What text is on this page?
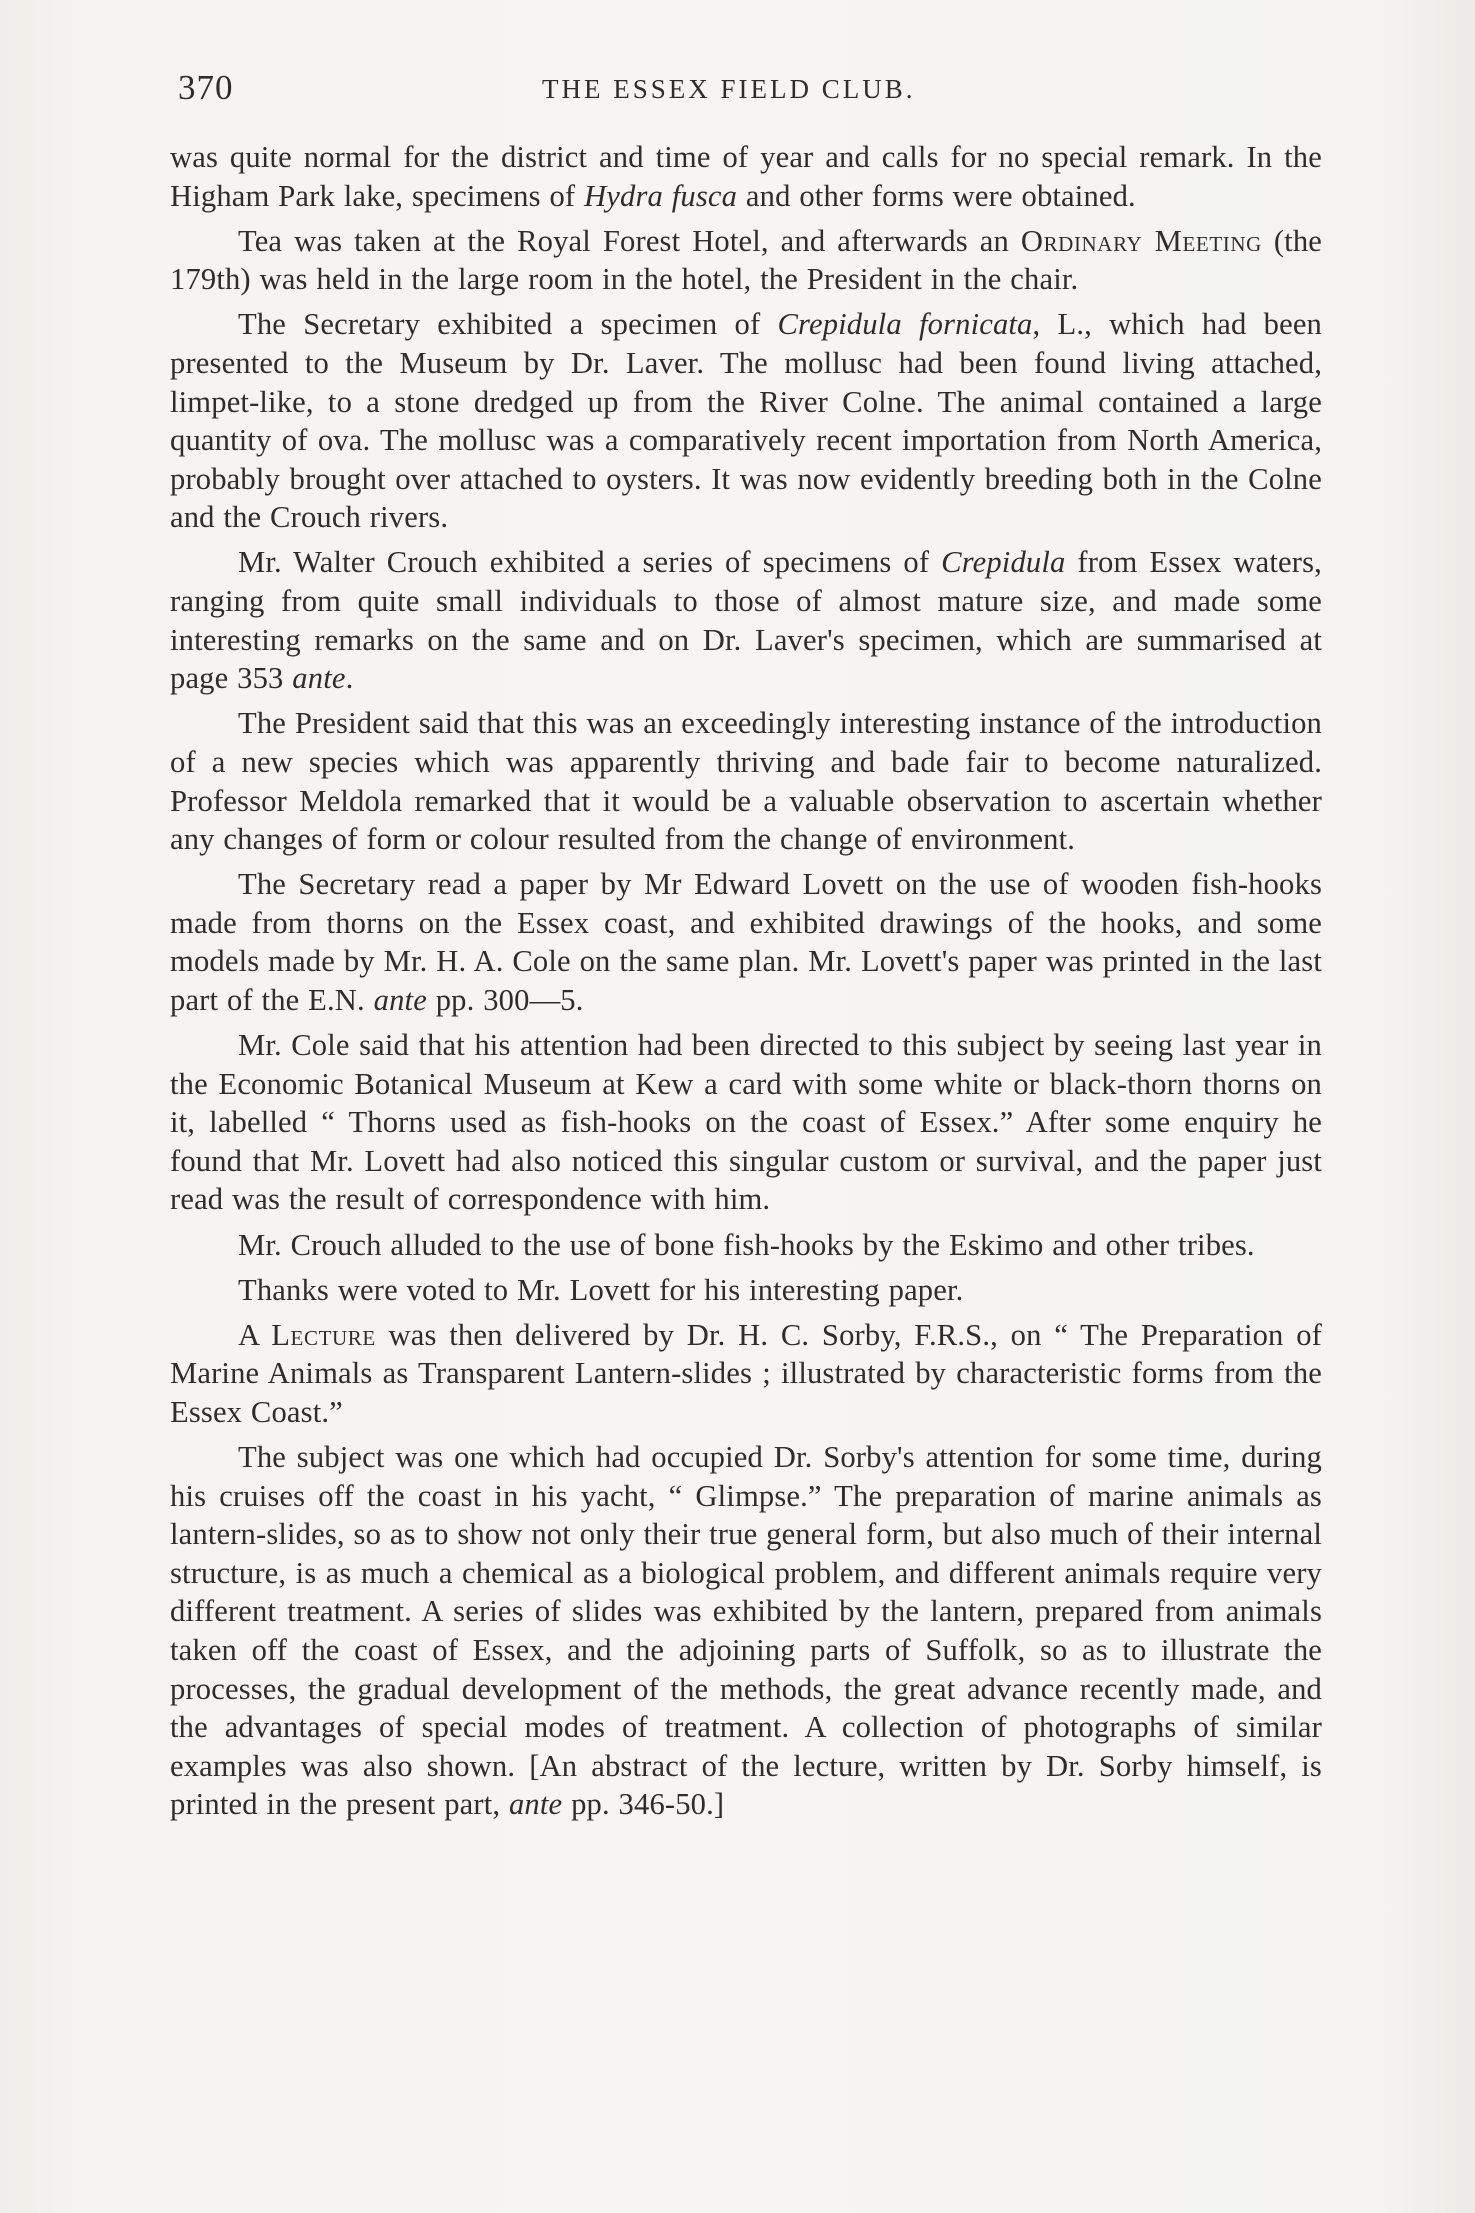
370	THE ESSEX FIELD CLUB.

was quite normal for the district and time of year and calls for no special remark. In the Higham Park lake, specimens of Hydra fusca and other forms were obtained.

Tea was taken at the Royal Forest Hotel, and afterwards an Ordinary Meeting (the 179th) was held in the large room in the hotel, the President in the chair.

The Secretary exhibited a specimen of Crepidula fornicata, L., which had been presented to the Museum by Dr. Laver. The mollusc had been found living attached, limpet-like, to a stone dredged up from the River Colne. The animal contained a large quantity of ova. The mollusc was a comparatively recent importation from North America, probably brought over attached to oysters. It was now evidently breeding both in the Colne and the Crouch rivers.

Mr. Walter Crouch exhibited a series of specimens of Crepidula from Essex waters, ranging from quite small individuals to those of almost mature size, and made some interesting remarks on the same and on Dr. Laver's specimen, which are summarised at page 353 ante.

The President said that this was an exceedingly interesting instance of the introduction of a new species which was apparently thriving and bade fair to become naturalized. Professor Meldola remarked that it would be a valuable observation to ascertain whether any changes of form or colour resulted from the change of environment.

The Secretary read a paper by Mr Edward Lovett on the use of wooden fish-hooks made from thorns on the Essex coast, and exhibited drawings of the hooks, and some models made by Mr. H. A. Cole on the same plan. Mr. Lovett's paper was printed in the last part of the E.N. ante pp. 300—5.

Mr. Cole said that his attention had been directed to this subject by seeing last year in the Economic Botanical Museum at Kew a card with some white or black-thorn thorns on it, labelled “ Thorns used as fish-hooks on the coast of Essex.” After some enquiry he found that Mr. Lovett had also noticed this singular custom or survival, and the paper just read was the result of correspondence with him.

Mr. Crouch alluded to the use of bone fish-hooks by the Eskimo and other tribes.

Thanks were voted to Mr. Lovett for his interesting paper.

A Lecture was then delivered by Dr. H. C. Sorby, F.R.S., on “ The Preparation of Marine Animals as Transparent Lantern-slides ; illustrated by characteristic forms from the Essex Coast.”

The subject was one which had occupied Dr. Sorby's attention for some time, during his cruises off the coast in his yacht, “ Glimpse.” The preparation of marine animals as lantern-slides, so as to show not only their true general form, but also much of their internal structure, is as much a chemical as a biological problem, and different animals require very different treatment. A series of slides was exhibited by the lantern, prepared from animals taken off the coast of Essex, and the adjoining parts of Suffolk, so as to illustrate the processes, the gradual development of the methods, the great advance recently made, and the advantages of special modes of treatment. A collection of photographs of similar examples was also shown. [An abstract of the lecture, written by Dr. Sorby himself, is printed in the present part, ante pp. 346-50.]
